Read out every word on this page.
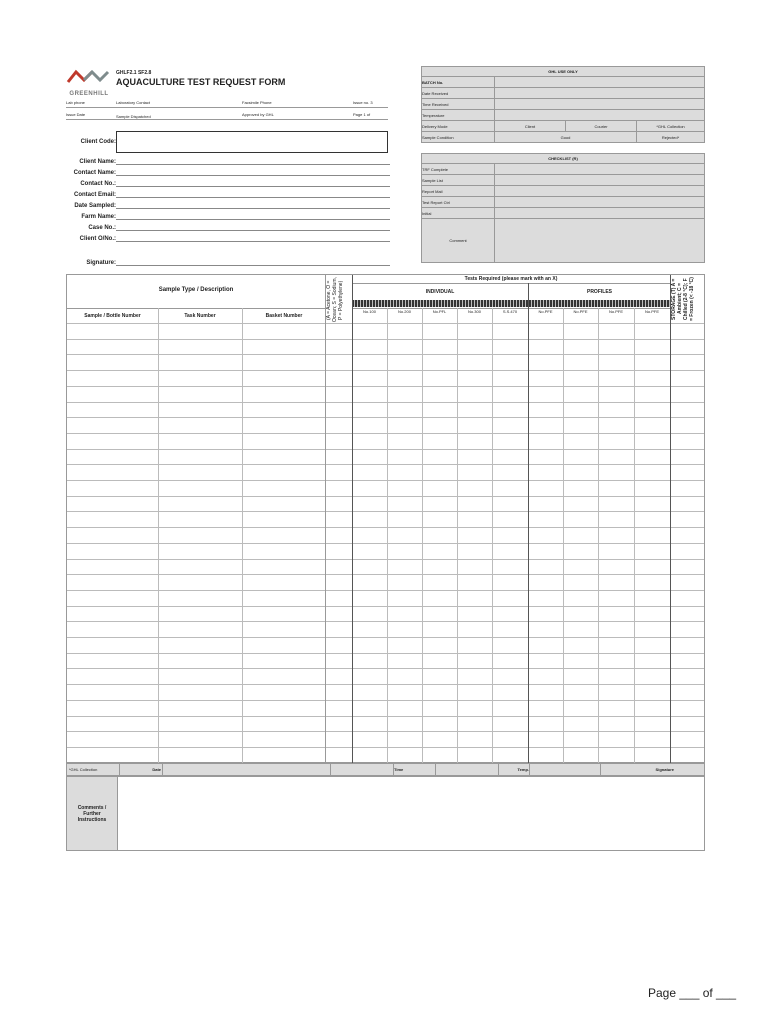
GREENHILL
GHLF2.1 SF2.8
AQUACULTURE TEST REQUEST FORM
Lab phone	Laboratory Contact	Facsimile Phone	Issue no. 3
Issue Date	Sample Dispatched	Approved by GHL	Page 1 of
GHL USE ONLY			
BATCH No.			
Date Received			
Time Received			
Temperature			
Delivery Mode	Client	Courier	*GHL Collection
Sample Condition	Good		Rejected*
Client Code:
Client Name:
Contact Name:
Contact No.:
Contact Email:
Date Sampled:
Farm Name:
Case No.:
Client O/No.:
Signature:
CHECKLIST (R)	
TRF Complete	
Sample List	
Report Mail	
Test Report Ctrl	
Initial	
Comment	
Sample Type / Description
Sample / Bottle Number	Task Number	Basket Number	(A = Acetone, O = Ocean; S = Sodium, P = Polyethylene)
Tests Required (please mark with an X)
INDIVIDUAL	PROFILES
No.100	No.200	No.PFL	No.300	S.S.470	No.PFE	No.PFE	No.PFE	No.PFE	STORAGE (T) A = Ambient; C = Chilled (2-8 °C); F = Frozen (< -18 °C)
*GHL Collection	Date			Time		Temp.		Signature
Comments / Further Instructions
Page ___ of ___
